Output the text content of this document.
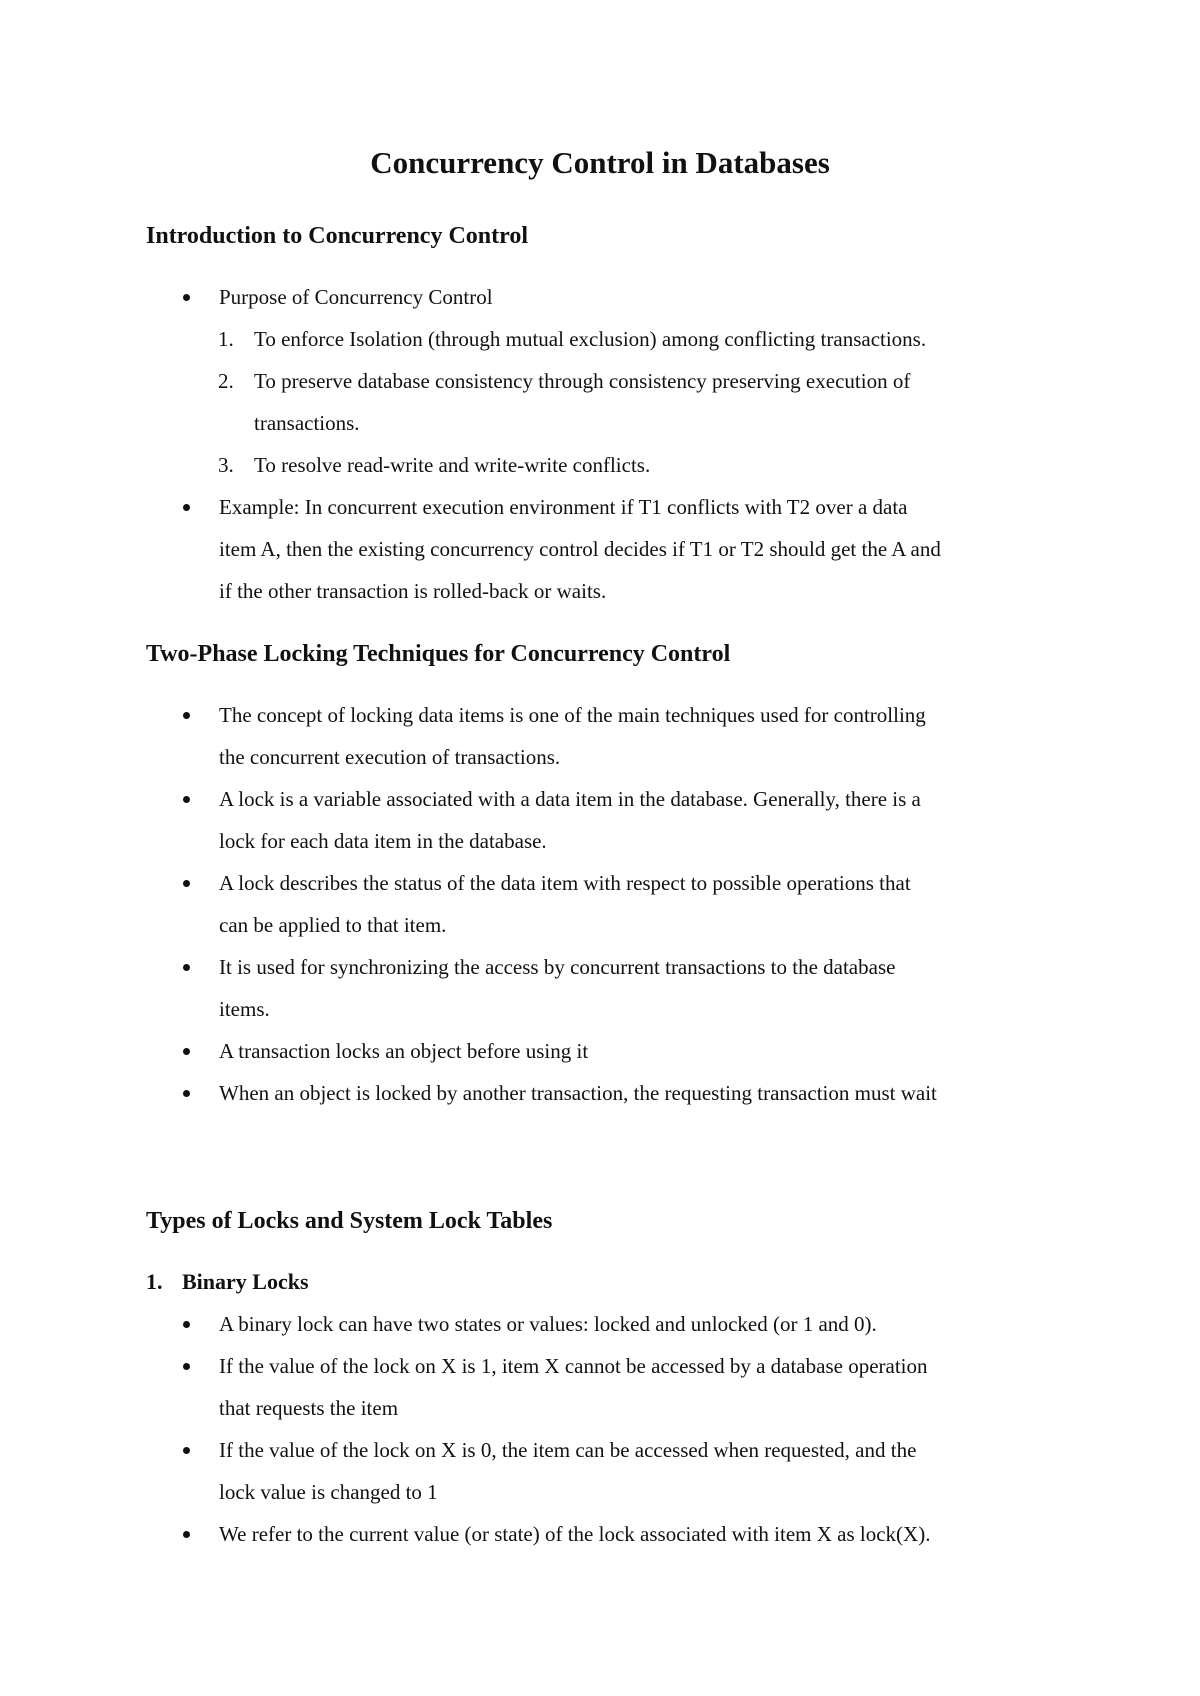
Concurrency Control in Databases
Introduction to Concurrency Control
Purpose of Concurrency Control
1. To enforce Isolation (through mutual exclusion) among conflicting transactions.
2. To preserve database consistency through consistency preserving execution of
transactions.
3. To resolve read-write and write-write conflicts.
Example: In concurrent execution environment if T1 conflicts with T2 over a data
item A, then the existing concurrency control decides if T1 or T2 should get the A and
if the other transaction is rolled-back or waits.
Two-Phase Locking Techniques for Concurrency Control
The concept of locking data items is one of the main techniques used for controlling
the concurrent execution of transactions.
A lock is a variable associated with a data item in the database. Generally, there is a
lock for each data item in the database.
A lock describes the status of the data item with respect to possible operations that
can be applied to that item.
It is used for synchronizing the access by concurrent transactions to the database
items.
A transaction locks an object before using it
When an object is locked by another transaction, the requesting transaction must wait
Types of Locks and System Lock Tables
1. Binary Locks
A binary lock can have two states or values: locked and unlocked (or 1 and 0).
If the value of the lock on X is 1, item X cannot be accessed by a database operation
that requests the item
If the value of the lock on X is 0, the item can be accessed when requested, and the
lock value is changed to 1
We refer to the current value (or state) of the lock associated with item X as lock(X).
